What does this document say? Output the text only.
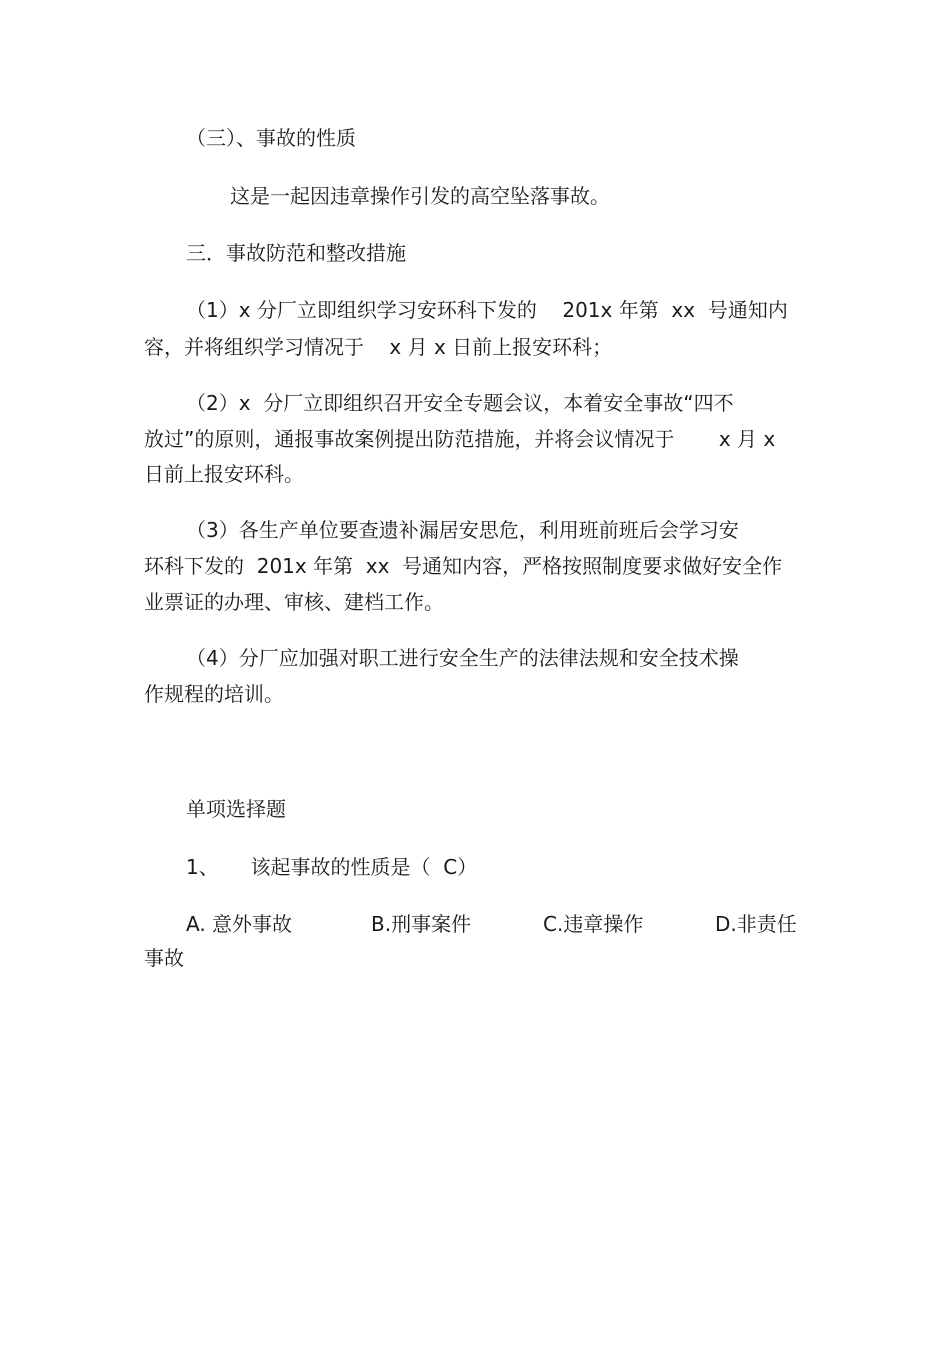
（三）、事故的性质
这是一起因违章操作引发的高空坠落事故。
三．事故防范和整改措施
（1）x 分厂立即组织学习安环科下发的    201x 年第  xx  号通知内
容，并将组织学习情况于    x 月 x 日前上报安环科；
（2）x  分厂立即组织召开安全专题会议，本着安全事故“四不
放过”的原则，通报事故案例提出防范措施，并将会议情况于       x 月 x
日前上报安环科。
（3）各生产单位要查遗补漏居安思危，利用班前班后会学习安
环科下发的  201x 年第  xx  号通知内容，严格按照制度要求做好安全作
业票证的办理、审核、建档工作。
（4）分厂应加强对职工进行安全生产的法律法规和安全技术操
作规程的培训。
单项选择题
1、     该起事故的性质是（  C）
A. 意外事故	B.刑事案件	C.违章操作	D.非责任
事故
